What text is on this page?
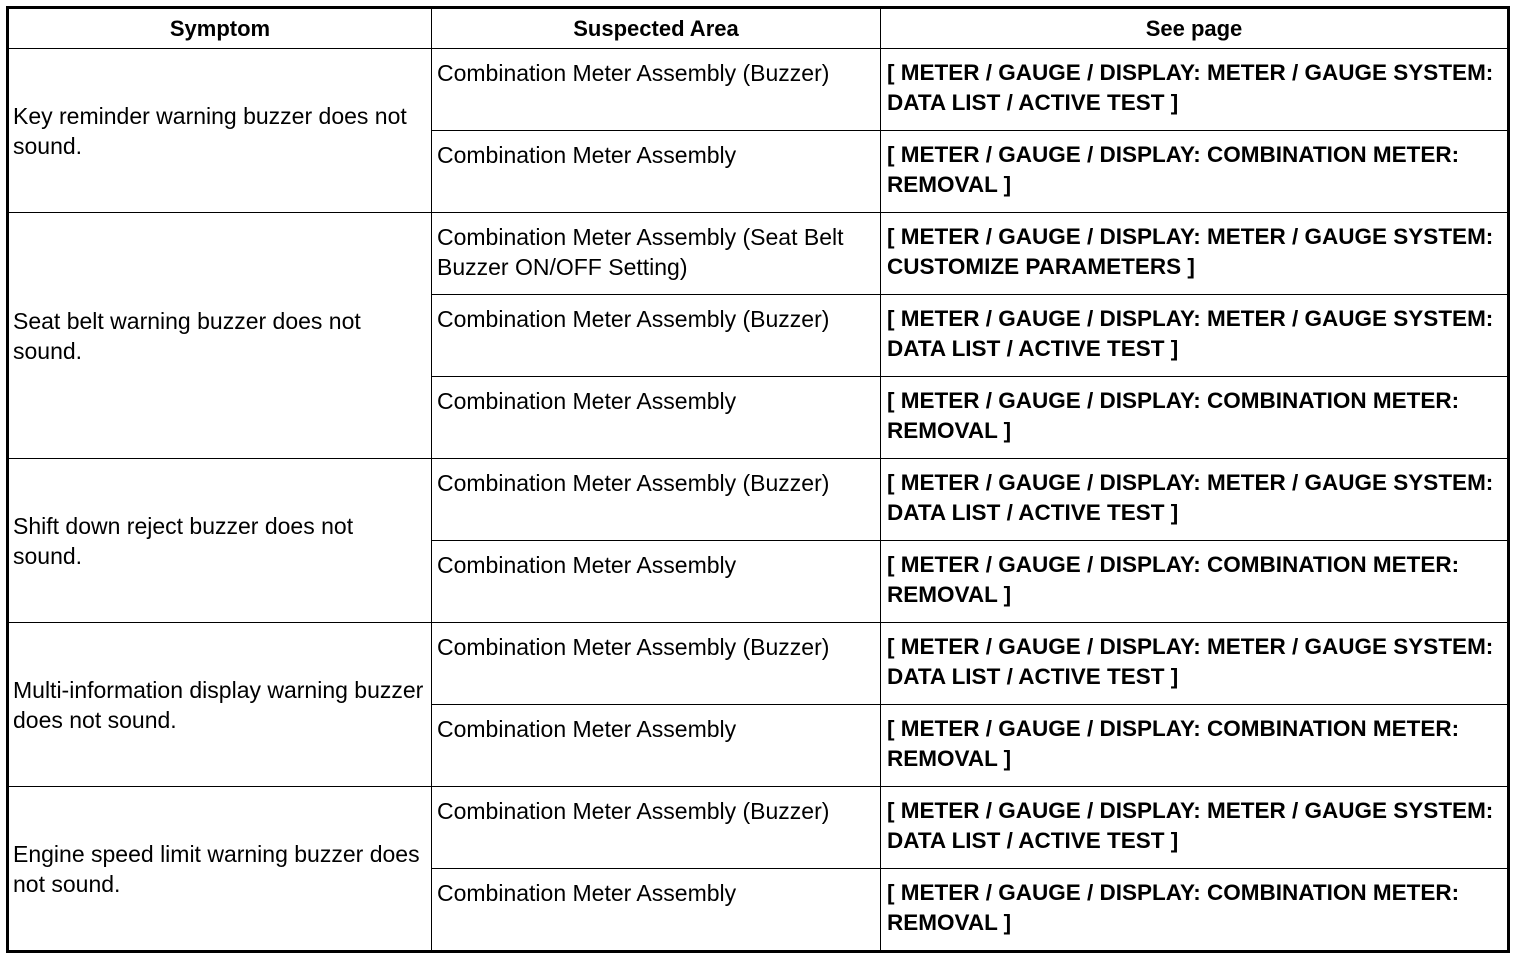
Symptom	Suspected Area	See page
Key reminder warning buzzer does not sound.	Combination Meter Assembly (Buzzer)	[ METER / GAUGE / DISPLAY: METER / GAUGE SYSTEM: DATA LIST / ACTIVE TEST ]
	Combination Meter Assembly	[ METER / GAUGE / DISPLAY: COMBINATION METER: REMOVAL ]
Seat belt warning buzzer does not sound.	Combination Meter Assembly (Seat Belt Buzzer ON/OFF Setting)	[ METER / GAUGE / DISPLAY: METER / GAUGE SYSTEM: CUSTOMIZE PARAMETERS ]
	Combination Meter Assembly (Buzzer)	[ METER / GAUGE / DISPLAY: METER / GAUGE SYSTEM: DATA LIST / ACTIVE TEST ]
	Combination Meter Assembly	[ METER / GAUGE / DISPLAY: COMBINATION METER: REMOVAL ]
Shift down reject buzzer does not sound.	Combination Meter Assembly (Buzzer)	[ METER / GAUGE / DISPLAY: METER / GAUGE SYSTEM: DATA LIST / ACTIVE TEST ]
	Combination Meter Assembly	[ METER / GAUGE / DISPLAY: COMBINATION METER: REMOVAL ]
Multi-information display warning buzzer does not sound.	Combination Meter Assembly (Buzzer)	[ METER / GAUGE / DISPLAY: METER / GAUGE SYSTEM: DATA LIST / ACTIVE TEST ]
	Combination Meter Assembly	[ METER / GAUGE / DISPLAY: COMBINATION METER: REMOVAL ]
Engine speed limit warning buzzer does not sound.	Combination Meter Assembly (Buzzer)	[ METER / GAUGE / DISPLAY: METER / GAUGE SYSTEM: DATA LIST / ACTIVE TEST ]
	Combination Meter Assembly	[ METER / GAUGE / DISPLAY: COMBINATION METER: REMOVAL ]
